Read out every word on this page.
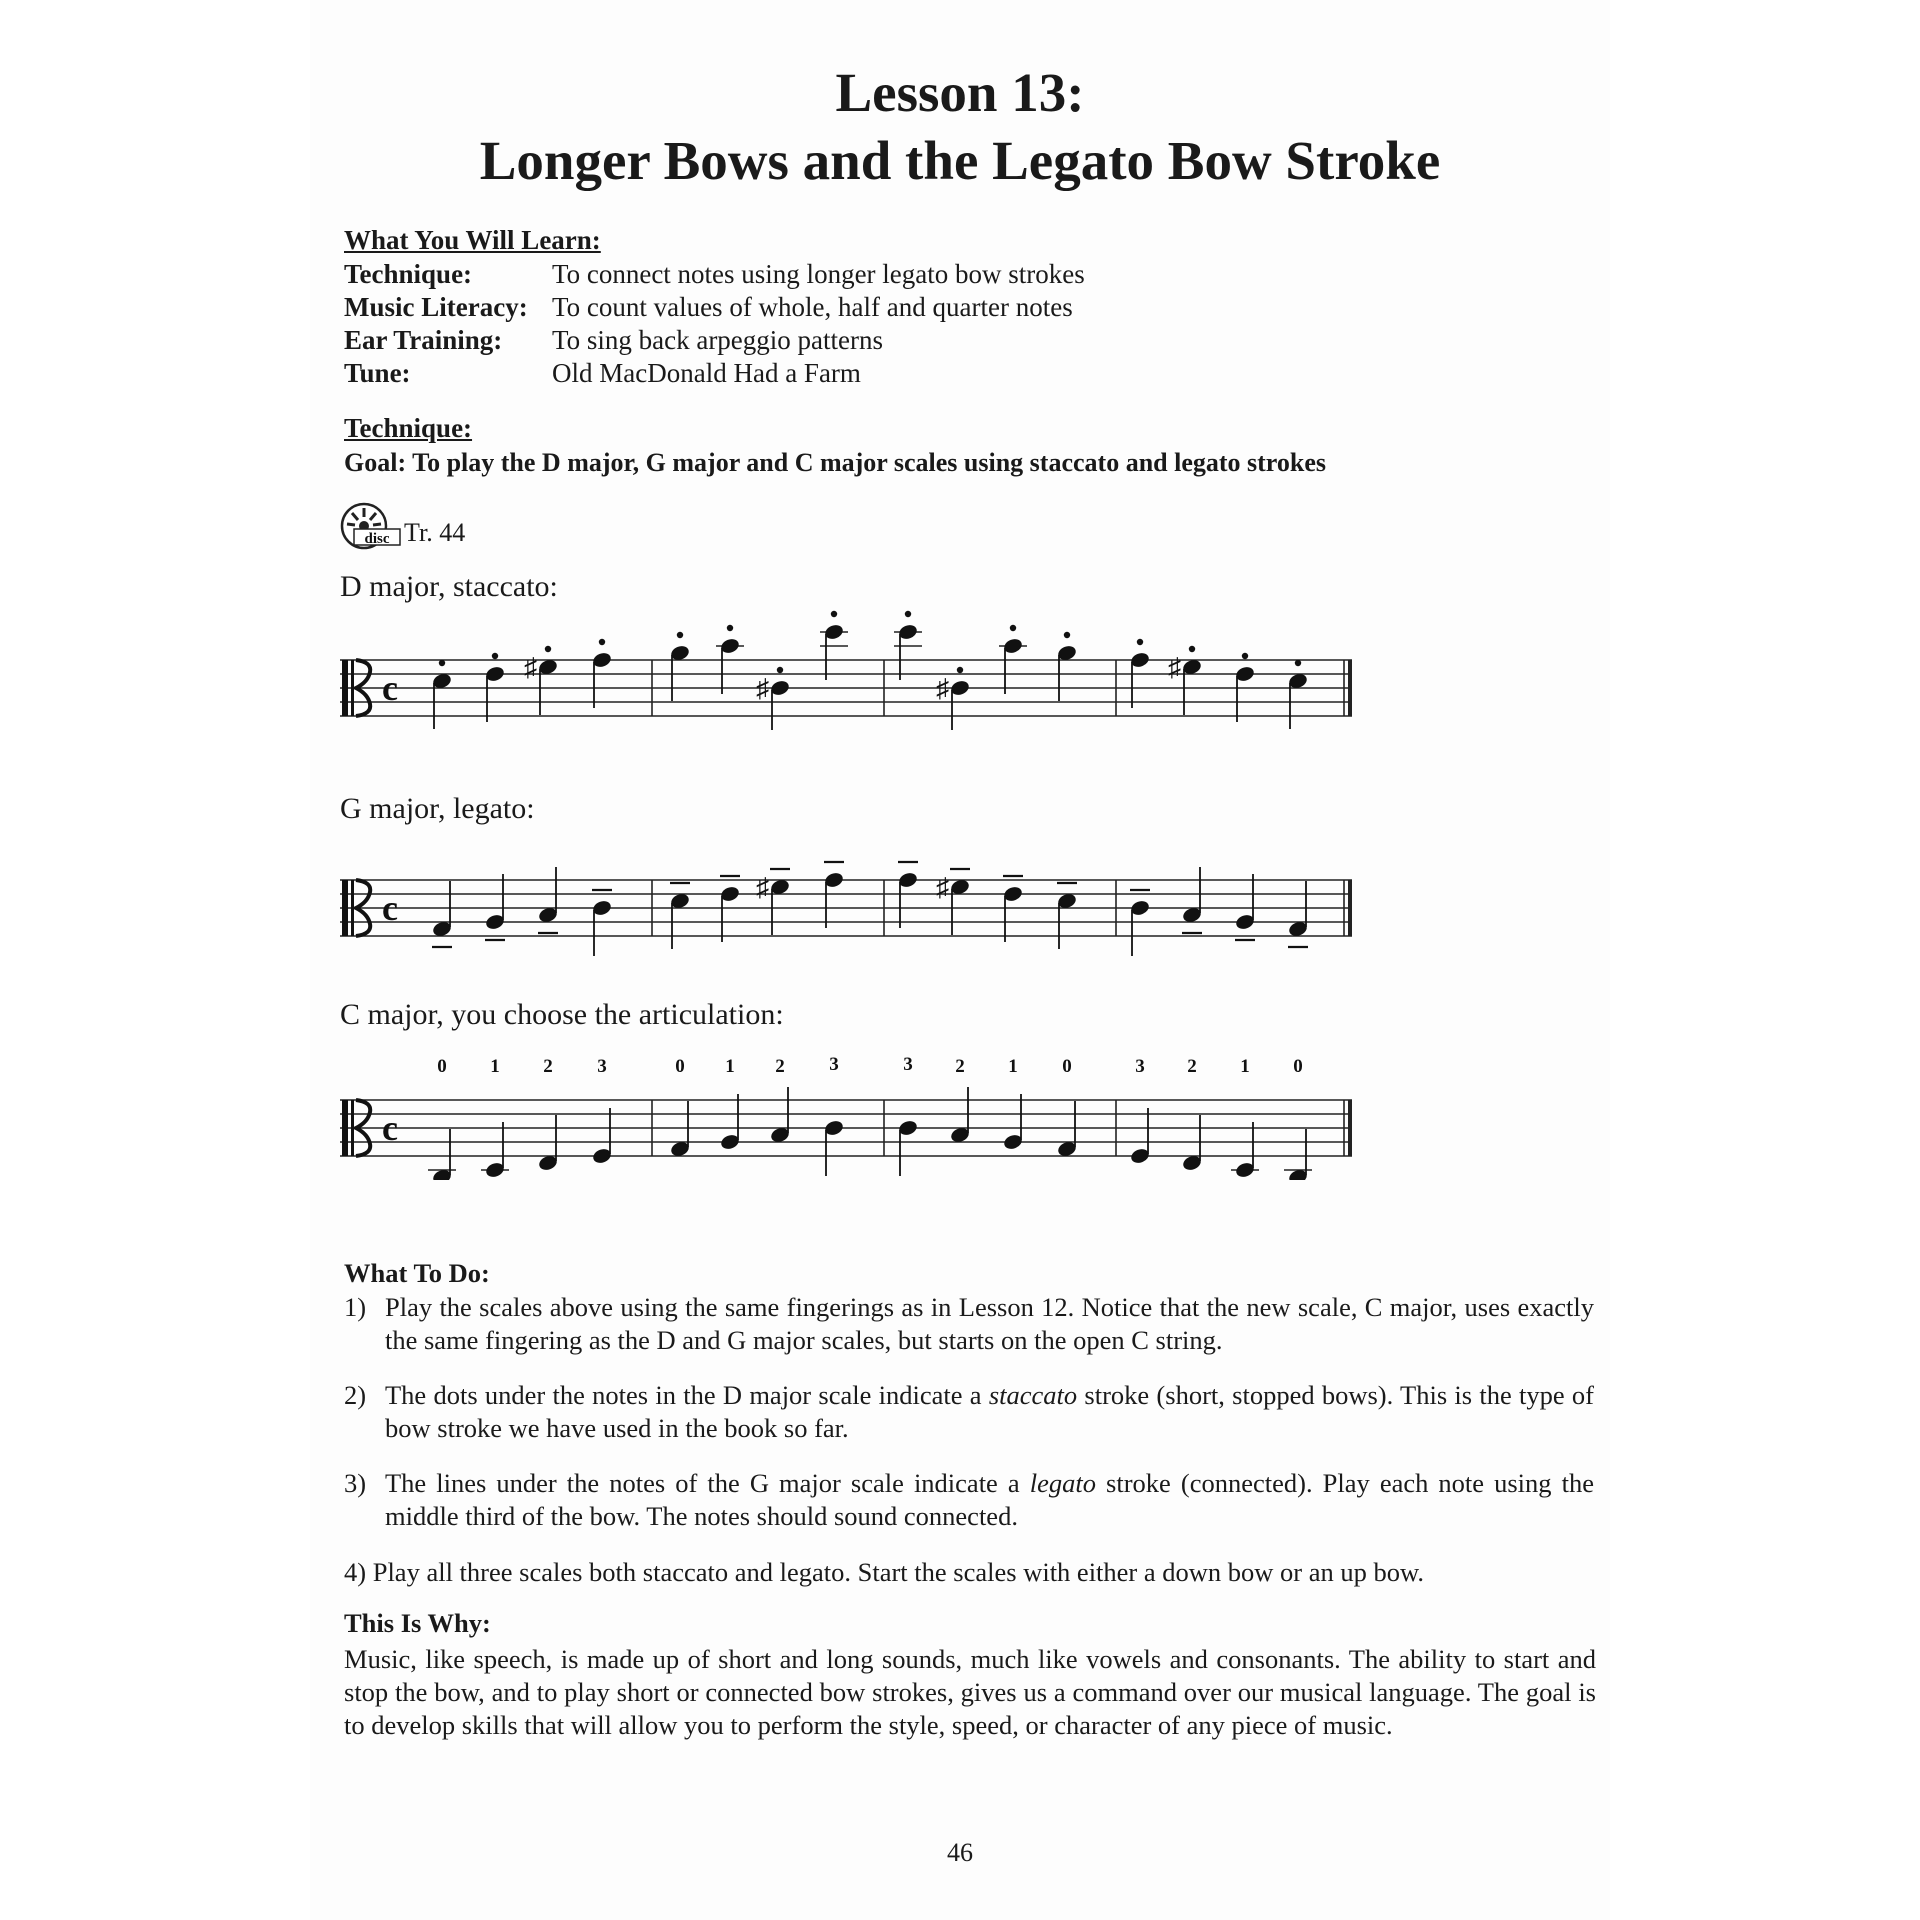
Lesson 13:
Longer Bows and the Legato Bow Stroke
What You Will Learn:
Technique:	To connect notes using longer legato bow strokes
Music Literacy: To count values of whole, half and quarter notes
Ear Training: To sing back arpeggio patterns
Tune:	Old MacDonald Had a Farm
Technique:
Goal: To play the D major, G major and C major scales using staccato and legato strokes
disc Tr. 44
D major, staccato:
G major, legato:
C major, you choose the articulation:
c
♯
♯	♯
♯
c
♯	♯
c
0 1 2 3	0 1 2 3	3 2 1 0	3 2 1 0
What To Do:
1) Play the scales above using the same fingerings as in Lesson 12. Notice that the new scale, C major, uses exactly the same fingering as the D and G major scales, but starts on the open C string.
2) The dots under the notes in the D major scale indicate a staccato stroke (short, stopped bows). This is the type of bow stroke we have used in the book so far.
3) The lines under the notes of the G major scale indicate a legato stroke (connected). Play each note using the middle third of the bow. The notes should sound connected.
4) Play all three scales both staccato and legato. Start the scales with either a down bow or an up bow.
This Is Why:
Music, like speech, is made up of short and long sounds, much like vowels and consonants. The ability to start and stop the bow, and to play short or connected bow strokes, gives us a command over our musical language. The goal is to develop skills that will allow you to perform the style, speed, or character of any piece of music.
46
